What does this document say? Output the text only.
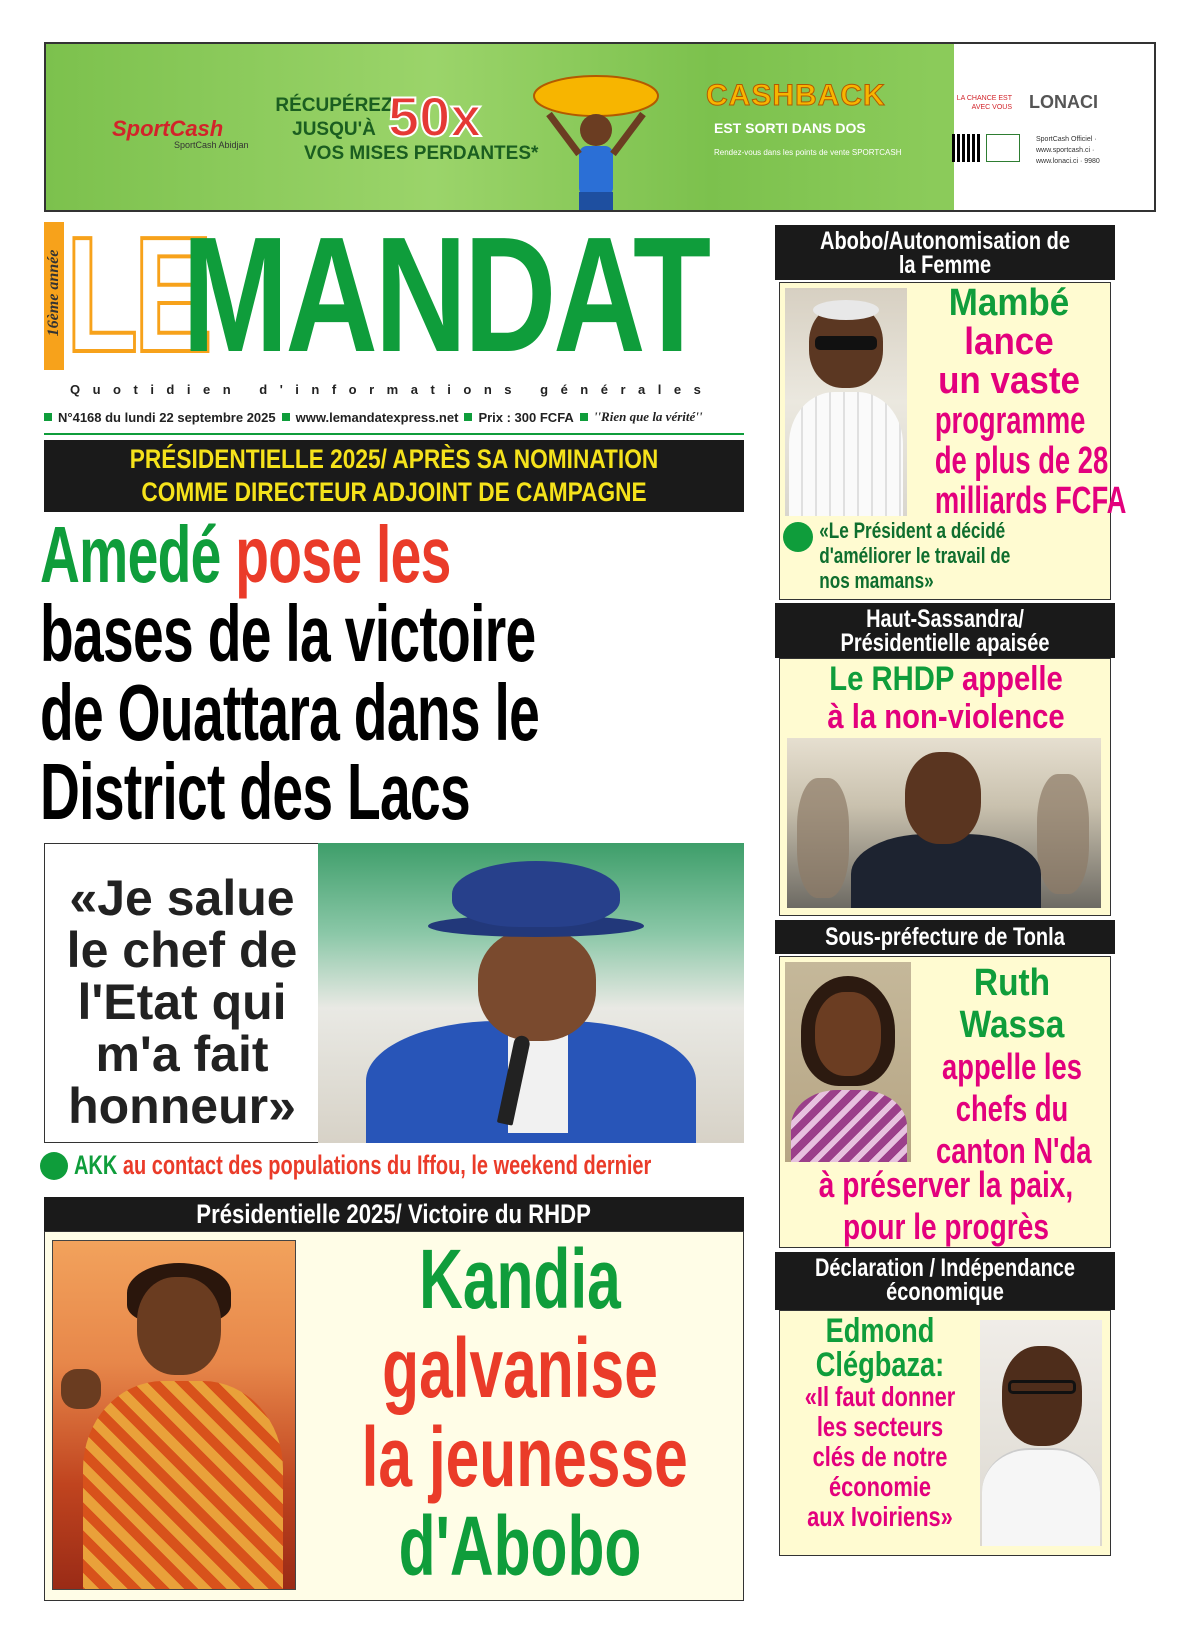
SportCash
SportCash Abidjan
RÉCUPÉREZ
JUSQU'À
VOS MISES PERDANTES*
50x	CASHBACK
EST SORTI DANS DOS
Rendez-vous dans les points de vente SPORTCASH
LA CHANCE EST AVEC VOUS LONACI
SportCash Officiel · www.sportcash.ci · www.lonaci.ci · 9980
16ème année LE
MANDAT
Quotidien d'informations générales
N°4168 du lundi 22 septembre 2025 www.lemandatexpress.net Prix : 300 FCFA ''Rien que la vérité''
PRÉSIDENTIELLE 2025/ APRÈS SA NOMINATION
COMME DIRECTEUR ADJOINT DE CAMPAGNE
Amedé pose les
bases de la victoire
de Ouattara dans le
District des Lacs
«Je salue
le chef de
l'Etat qui
m'a fait
honneur»
AKK au contact des populations du Iffou, le weekend dernier
Présidentielle 2025/ Victoire du RHDP
Kandia
galvanise
la jeunesse
d'Abobo
Abobo/Autonomisation de
la Femme
Mambé
lance
un vaste
programme
de plus de 28
milliards FCFA
«Le Président a décidé
d'améliorer le travail de
nos mamans»
Haut-Sassandra/
Présidentielle apaisée
Le RHDP appelle
à la non-violence
Sous-préfecture de Tonla
Ruth
Wassa
appelle les
chefs du
canton N'da
à préserver la paix,
pour le progrès
Déclaration / Indépendance
économique
Edmond
Clégbaza:
«Il faut donner
les secteurs
clés de notre
économie
aux Ivoiriens»
